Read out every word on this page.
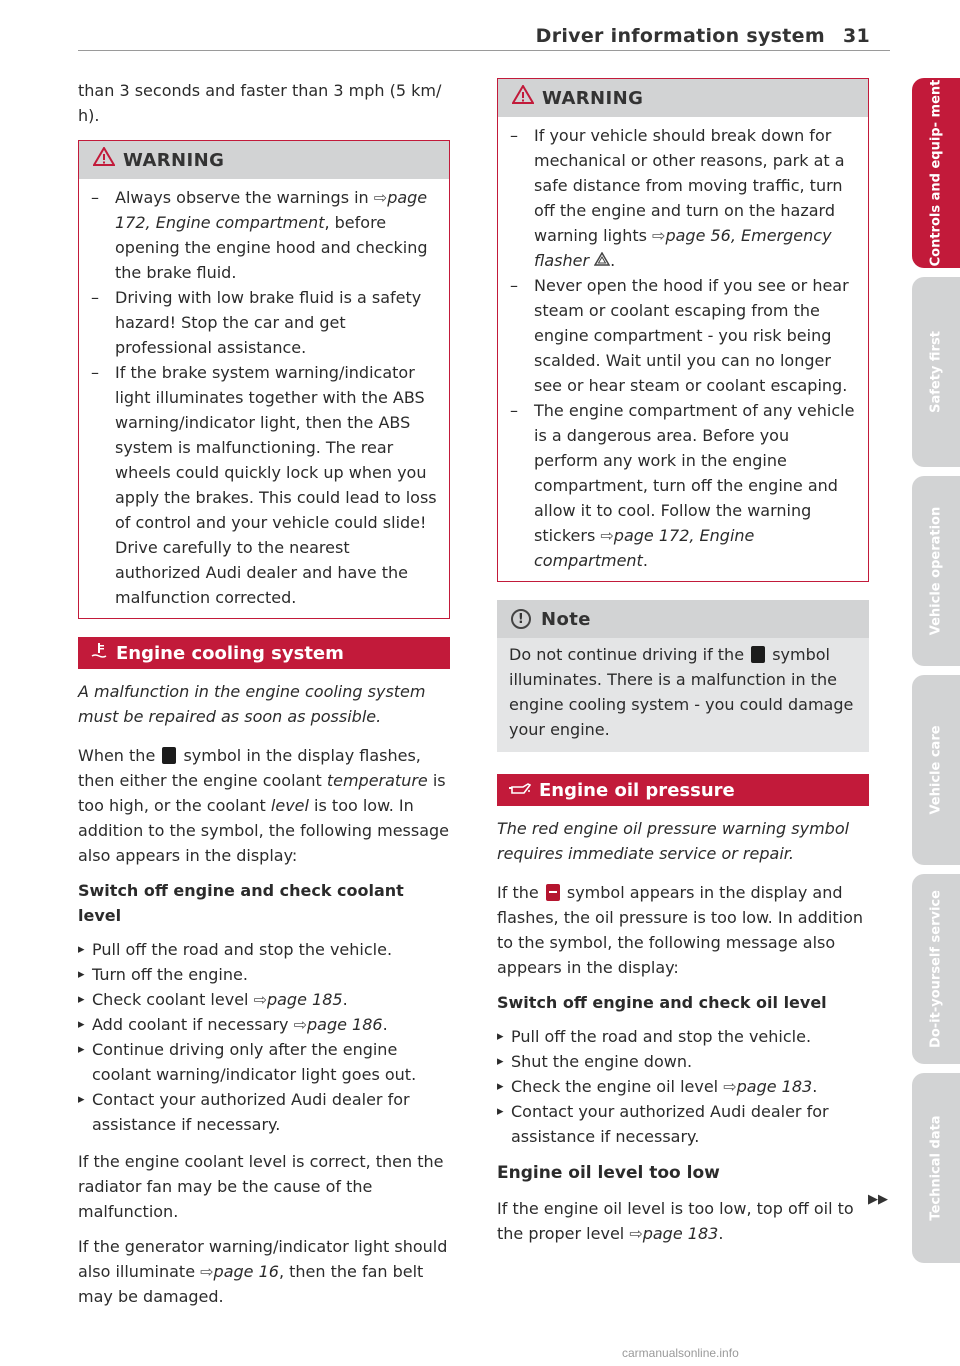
Driver information system 31

than 3 seconds and faster than 3 mph (5 km/ h).

WARNING
– Always observe the warnings in ⇨page 172, Engine compartment, before opening the engine hood and checking the brake fluid.
– Driving with low brake fluid is a safety hazard! Stop the car and get professional assistance.
– If the brake system warning/indicator light illuminates together with the ABS warning/indicator light, then the ABS system is malfunctioning. The rear wheels could quickly lock up when you apply the brakes. This could lead to loss of control and your vehicle could slide! Drive carefully to the nearest authorized Audi dealer and have the malfunction corrected.
Engine cooling system

A malfunction in the engine cooling system must be repaired as soon as possible.

When the  symbol in the display flashes, then either the engine coolant temperature is too high, or the coolant level is too low. In addition to the symbol, the following message also appears in the display:

Switch off engine and check coolant level

▸ Pull off the road and stop the vehicle.
▸ Turn off the engine.
▸ Check coolant level ⇨page 185.
▸ Add coolant if necessary ⇨page 186.
▸ Continue driving only after the engine coolant warning/indicator light goes out.
▸ Contact your authorized Audi dealer for assistance if necessary.

If the engine coolant level is correct, then the radiator fan may be the cause of the malfunction.

If the generator warning/indicator light should also illuminate ⇨page 16, then the fan belt may be damaged.

WARNING
– If your vehicle should break down for mechanical or other reasons, park at a safe distance from moving traffic, turn off the engine and turn on the hazard warning lights ⇨page 56, Emergency flasher .
– Never open the hood if you see or hear steam or coolant escaping from the engine compartment - you risk being scalded. Wait until you can no longer see or hear steam or coolant escaping.
– The engine compartment of any vehicle is a dangerous area. Before you perform any work in the engine compartment, turn off the engine and allow it to cool. Follow the warning stickers ⇨page 172, Engine compartment.
! Note

Do not continue driving if the  symbol illuminates. There is a malfunction in the engine cooling system - you could damage your engine.

Engine oil pressure

The red engine oil pressure warning symbol requires immediate service or repair.

If the  symbol appears in the display and flashes, the oil pressure is too low. In addition to the symbol, the following message also appears in the display:

Switch off engine and check oil level

▸ Pull off the road and stop the vehicle.
▸ Shut the engine down.
▸ Check the engine oil level ⇨page 183.
▸ Contact your authorized Audi dealer for assistance if necessary.

Engine oil level too low

If the engine oil level is too low, top off oil to the proper level ⇨page 183.

▶▶
Controls and equip- ment
Safety first
Vehicle operation
Vehicle care
Do-it-yourself service
Technical data
carmanualsonline.info
